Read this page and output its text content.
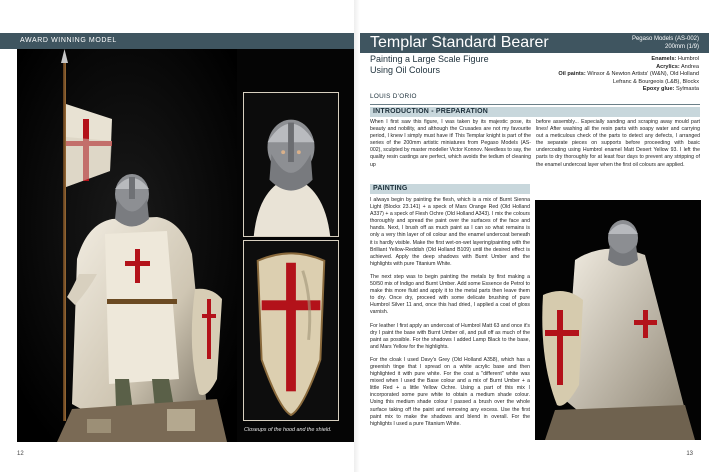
AWARD WINNING MODEL
Closeups of the hood and the shield.
12
Templar Standard Bearer	Pegaso Models (AS-002)
200mm (1/9)
Enamels: Humbrol
Acrylics: Andrea
Oil paints: Winsor & Newton Artists' (W&N), Old Holland
Lefranc & Bourgeois (L&B), Blockx
Epoxy glue: Sylmasta
Painting a Large Scale Figure
Using Oil Colours
LOUIS D'ORIO
INTRODUCTION - PREPARATION
When I first saw this figure, I was taken by its majestic pose, its beauty and nobility, and although the Crusades are not my favourite period, I knew I simply must have it! This Templar knight is part of the series of the 200mm artistic miniatures from Pegaso Models (AS-002), sculpted by master modeller Victor Konnov. Needless to say, the quality resin castings are perfect, which avoids the tedium of cleaning up
before assembly... Especially sanding and scraping away mould part lines! After washing all the resin parts with soapy water and carrying out a meticulous check of the parts to detect any defects, I arranged the separate pieces on supports before proceeding with basic undercoating using Humbrol enamel Matt Desert Yellow 93. I left the parts to dry thoroughly for at least four days to prevent any stripping of the enamel undercoat layer when the first oil colours are applied.
PAINTING

I always begin by painting the flesh, which is a mix of Burnt Sienna Light (Blockx 23.141) + a speck of Mars Orange Red (Old Holland A337) + a speck of Flesh Ochre (Old Holland A343). I mix the colours thoroughly and spread the paint over the surfaces of the face and hands. Next, I brush off as much paint as I can so what remains is only a very thin layer of oil colour and the enamel undercoat beneath it is hardly visible. Make the first wet-on-wet layering/painting with the Brilliant Yellow-Reddish (Old Holland B109) until the desired effect is achieved. Apply the deep shadows with Burnt Umber and the highlights with pure Titanium White.

The next step was to begin painting the metals by first making a 50/50 mix of Indigo and Burnt Umber. Add some Essence de Petrol to make this more fluid and apply it to the metal parts then leave them to dry. Once dry, proceed with some delicate brushing of pure Humbrol Silver 11 and, once this had dried, I applied a coat of gloss varnish.

For leather I first apply an undercoat of Humbrol Matt 63 and once it's dry I paint the base with Burnt Umber oil, and pull off as much of the paint as possible. For the shadows I added Lamp Black to the base, and Mars Yellow for the highlights.

For the cloak I used Davy's Grey (Old Holland A358), which has a greenish tinge that I spread on a white acrylic base and then highlighted it with pure white. For the coat a "different" white was mixed when I used the Base colour and a mix of Burnt Umber + a little Red + a little Yellow Ochre. Using a part of this mix I incorporated some pure white to obtain a medium shade colour. Using this medium shade colour I passed a brush over the whole surface taking off the paint and removing any excess. Use the first paint mix to make the shadows and blend in overall. For the highlights I used a pure Titanium White.

13
